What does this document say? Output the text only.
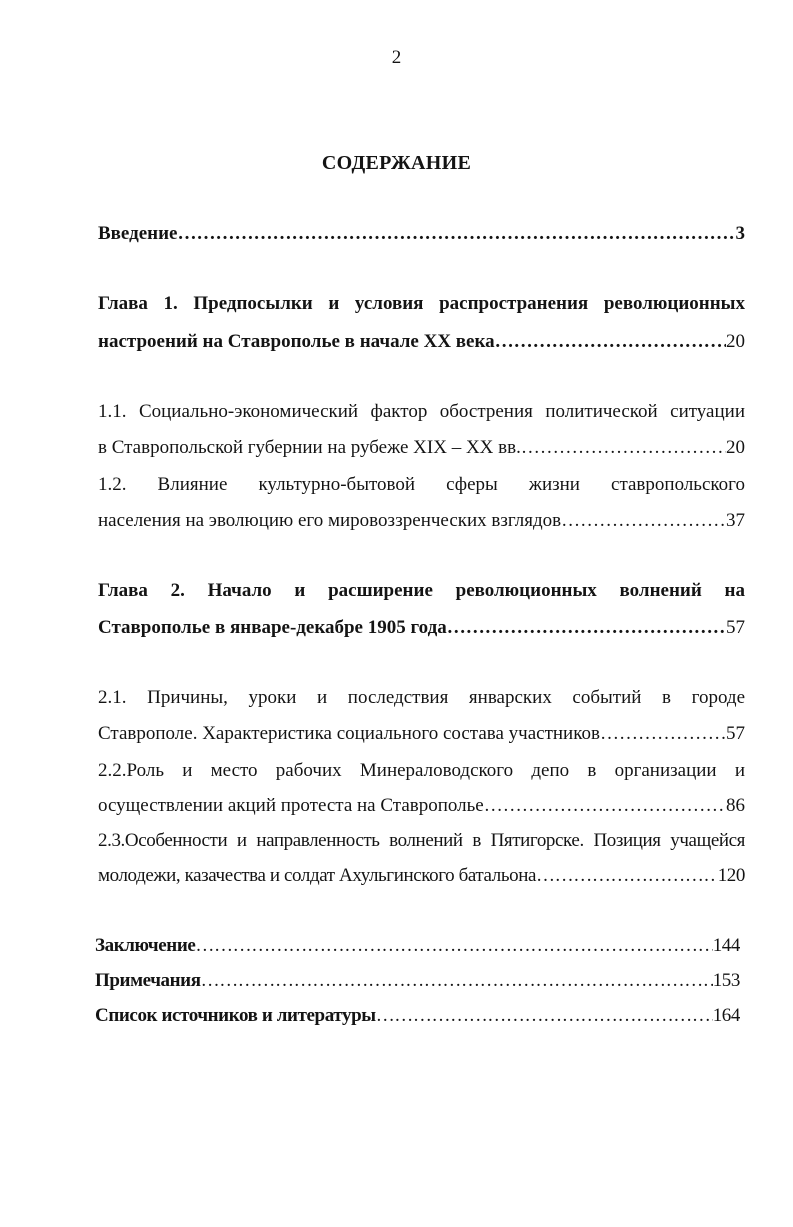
2
СОДЕРЖАНИЕ
Введение …………………………………………………………………………………………………………………………………………	3
Глава 1. Предпосылки и условия распространения революционных
настроений на Ставрополье в начале XX века …………………………………………………………………………………………………………………………………………	20
1.1. Социально-экономический фактор обострения политической ситуации
в Ставропольской губернии на рубеже XIX – XX вв. …………………………………………………………………………………………………………………………………………	20
1.2. Влияние культурно-бытовой сферы жизни ставропольского
населения на эволюцию его мировоззренческих взглядов …………………………………………………………………………………………………………………………………………	37
Глава 2. Начало и расширение революционных волнений на
Ставрополье в январе-декабре 1905 года …………………………………………………………………………………………………………………………………………	57
2.1. Причины, уроки и последствия январских событий в городе
Ставрополе. Характеристика социального состава участников …………………………………………………………………………………………………………………………………………	57
2.2.Роль и место рабочих Минераловодского депо в организации и
осуществлении акций протеста на Ставрополье …………………………………………………………………………………………………………………………………………	86
2.3.Особенности и направленность волнений в Пятигорске. Позиция учащейся
молодежи, казачества и солдат Ахульгинского батальона …………………………………………………………………………………………………………………………………………	120
Заключение …………………………………………………………………………………………………………………………………………	144
Примечания …………………………………………………………………………………………………………………………………………	153
Список источников и литературы …………………………………………………………………………………………………………………………………………	164
